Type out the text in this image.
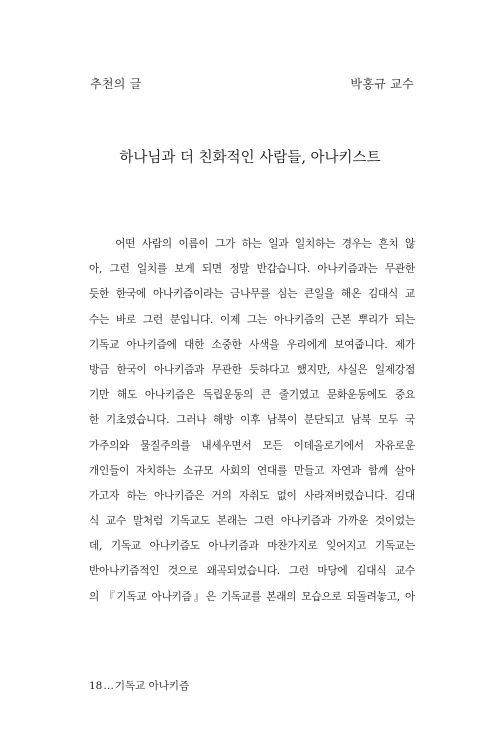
추천의 글	박홍규 교수
하나님과 더 친화적인 사람들, 아나키스트
어떤 사람의 이름이 그가 하는 일과 일치하는 경우는 흔치 않
아, 그런 일치를 보게 되면 정말 반갑습니다. 아나키즘과는 무관한
듯한 한국에 아나키즘이라는 금나무를 심는 큰일을 해온 김대식 교
수는 바로 그런 분입니다. 이제 그는 아나키즘의 근본 뿌리가 되는
기독교 아나키즘에 대한 소중한 사색을 우리에게 보여줍니다. 제가
방금 한국이 아나키즘과 무관한 듯하다고 했지만, 사실은 일제강점
기만 해도 아나키즘은 독립운동의 큰 줄기였고 문화운동에도 중요
한 기초였습니다. 그러나 해방 이후 남북이 분단되고 남북 모두 국
가주의와 물질주의를 내세우면서 모든 이데올로기에서 자유로운
개인들이 자치하는 소규모 사회의 연대를 만들고 자연과 함께 살아
가고자 하는 아나키즘은 거의 자취도 없이 사라져버렸습니다. 김대
식 교수 말처럼 기독교도 본래는 그런 아나키즘과 가까운 것이었는
데, 기독교 아나키즘도 아나키즘과 마찬가지로 잊어지고 기독교는
반아나키즘적인 것으로 왜곡되었습니다. 그런 마당에 김대식 교수
의 『기독교 아나키즘』은 기독교를 본래의 모습으로 되돌려놓고, 아
18…기독교 아나키즘
